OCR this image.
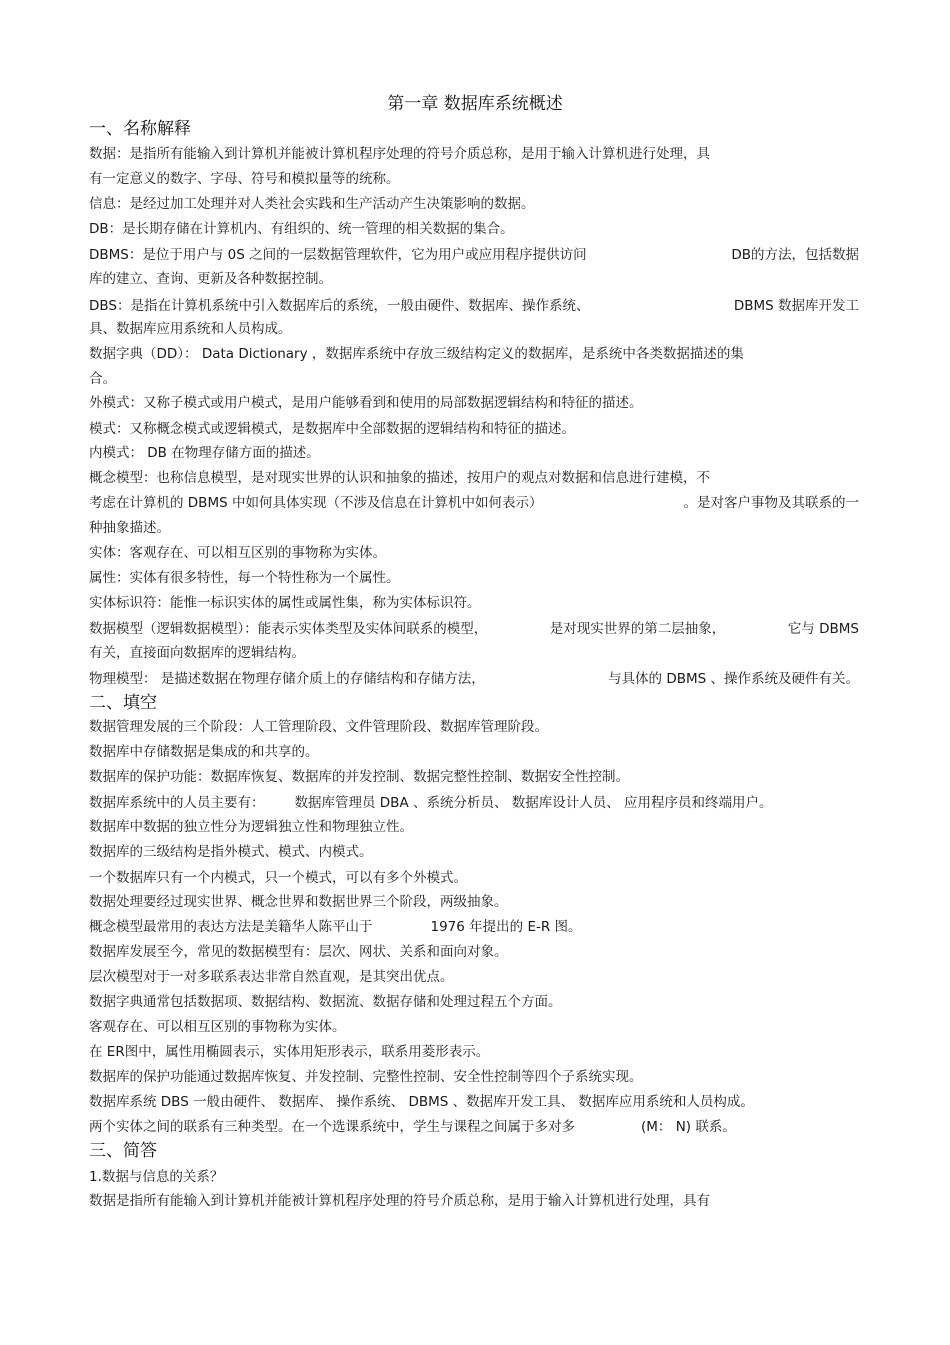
第一章 数据库系统概述
一、名称解释
数据：是指所有能输入到计算机并能被计算机程序处理的符号介质总称，是用于输入计算机进行处理，具
有一定意义的数字、字母、符号和模拟量等的统称。
信息：是经过加工处理并对人类社会实践和生产活动产生决策影响的数据。
DB：是长期存储在计算机内、有组织的、统一管理的相关数据的集合。
DBMS：是位于用户与 0S 之间的一层数据管理软件，它为用户或应用程序提供访问	DB的方法，包括数据
库的建立、查询、更新及各种数据控制。
DBS：是指在计算机系统中引入数据库后的系统，一般由硬件、数据库、操作系统、	DBMS 数据库开发工
具、数据库应用系统和人员构成。
数据字典（DD）： Data Dictionary ，数据库系统中存放三级结构定义的数据库，是系统中各类数据描述的集
合。
外模式：又称子模式或用户模式，是用户能够看到和使用的局部数据逻辑结构和特征的描述。
模式：又称概念模式或逻辑模式，是数据库中全部数据的逻辑结构和特征的描述。
内模式： DB 在物理存储方面的描述。
概念模型：也称信息模型，是对现实世界的认识和抽象的描述，按用户的观点对数据和信息进行建模，不
考虑在计算机的 DBMS 中如何具体实现（不涉及信息在计算机中如何表示）	。是对客户事物及其联系的一
种抽象描述。
实体：客观存在、可以相互区别的事物称为实体。
属性：实体有很多特性，每一个特性称为一个属性。
实体标识符：能惟一标识实体的属性或属性集，称为实体标识符。
数据模型（逻辑数据模型）：能表示实体类型及实体间联系的模型，	是对现实世界的第二层抽象，	它与 DBMS
有关，直接面向数据库的逻辑结构。
物理模型： 是描述数据在物理存储介质上的存储结构和存储方法，	与具体的 DBMS 、操作系统及硬件有关。
二、填空
数据管理发展的三个阶段：人工管理阶段、文件管理阶段、数据库管理阶段。
数据库中存储数据是集成的和共享的。
数据库的保护功能：数据库恢复、数据库的并发控制、数据完整性控制、数据安全性控制。
数据库系统中的人员主要有： 数据库管理员 DBA 、系统分析员、 数据库设计人员、 应用程序员和终端用户。
数据库中数据的独立性分为逻辑独立性和物理独立性。
数据库的三级结构是指外模式、模式、内模式。
一个数据库只有一个内模式，只一个模式，可以有多个外模式。
数据处理要经过现实世界、概念世界和数据世界三个阶段，两级抽象。
概念模型最常用的表达方法是美籍华人陈平山于	1976 年提出的 E-R 图。
数据库发展至今，常见的数据模型有：层次、网状、关系和面向对象。
层次模型对于一对多联系表达非常自然直观，是其突出优点。
数据字典通常包括数据项、数据结构、数据流、数据存储和处理过程五个方面。
客观存在、可以相互区别的事物称为实体。
在 ER图中，属性用椭圆表示，实体用矩形表示，联系用菱形表示。
数据库的保护功能通过数据库恢复、并发控制、完整性控制、安全性控制等四个子系统实现。
数据库系统 DBS 一般由硬件、 数据库、 操作系统、 DBMS 、数据库开发工具、 数据库应用系统和人员构成。
两个实体之间的联系有三种类型。在一个选课系统中，学生与课程之间属于多对多	(M： N) 联系。
三、简答
1.数据与信息的关系？
数据是指所有能输入到计算机并能被计算机程序处理的符号介质总称，是用于输入计算机进行处理，具有
